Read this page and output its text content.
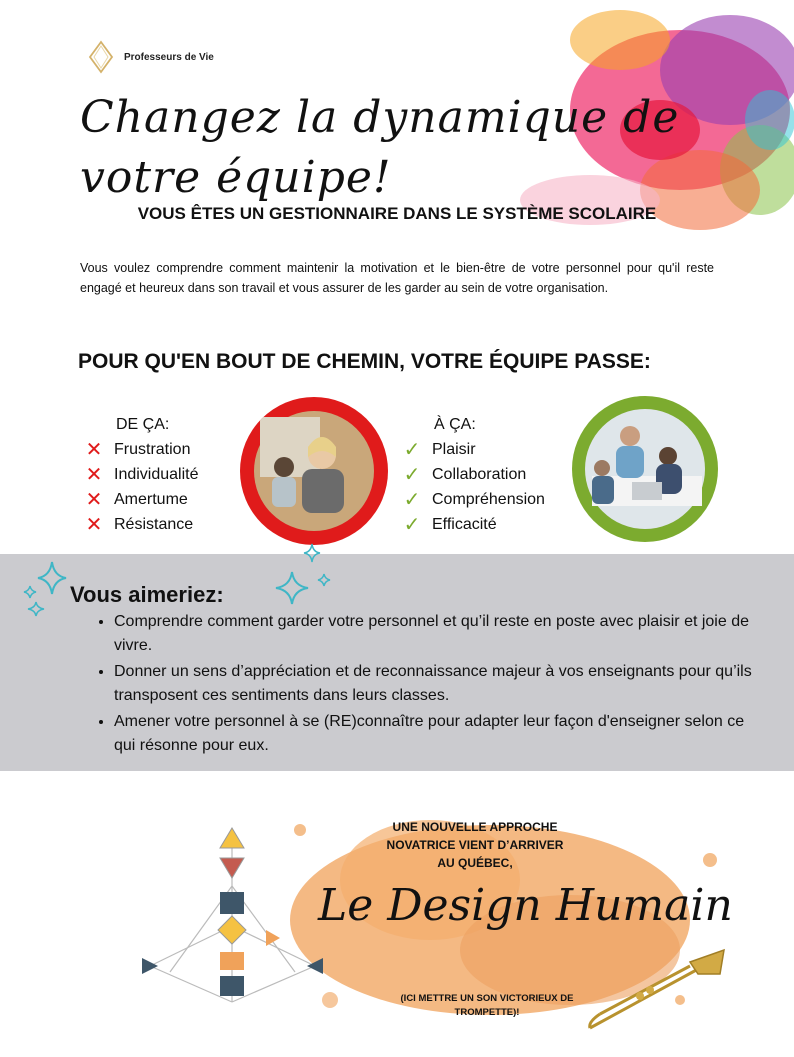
Professeurs de Vie
Changez la dynamique de votre équipe!
VOUS ÊTES UN GESTIONNAIRE DANS LE SYSTÈME SCOLAIRE
Vous voulez comprendre comment maintenir la motivation et le bien-être de votre personnel pour qu'il reste engagé et heureux dans son travail et vous assurer de les garder au sein de votre organisation.
POUR QU'EN BOUT DE CHEMIN, VOTRE ÉQUIPE PASSE:
DE ÇA:
✕ Frustration
✕ Individualité
✕ Amertume
✕ Résistance
À ÇA:
✓ Plaisir
✓ Collaboration
✓ Compréhension
✓ Efficacité
Vous aimeriez:
• Comprendre comment garder votre personnel et qu’il reste en poste avec plaisir et joie de vivre.
• Donner un sens d’appréciation et de reconnaissance majeur à vos enseignants pour qu’ils transposent ces sentiments dans leurs classes.
• Amener votre personnel à se (RE)connaître pour adapter leur façon d'enseigner selon ce qui résonne pour eux.
UNE NOUVELLE APPROCHE
NOVATRICE VIENT D’ARRIVER
AU QUÉBEC,
Le Design Humain
(ICI METTRE UN SON VICTORIEUX DE
TROMPETTE)!
